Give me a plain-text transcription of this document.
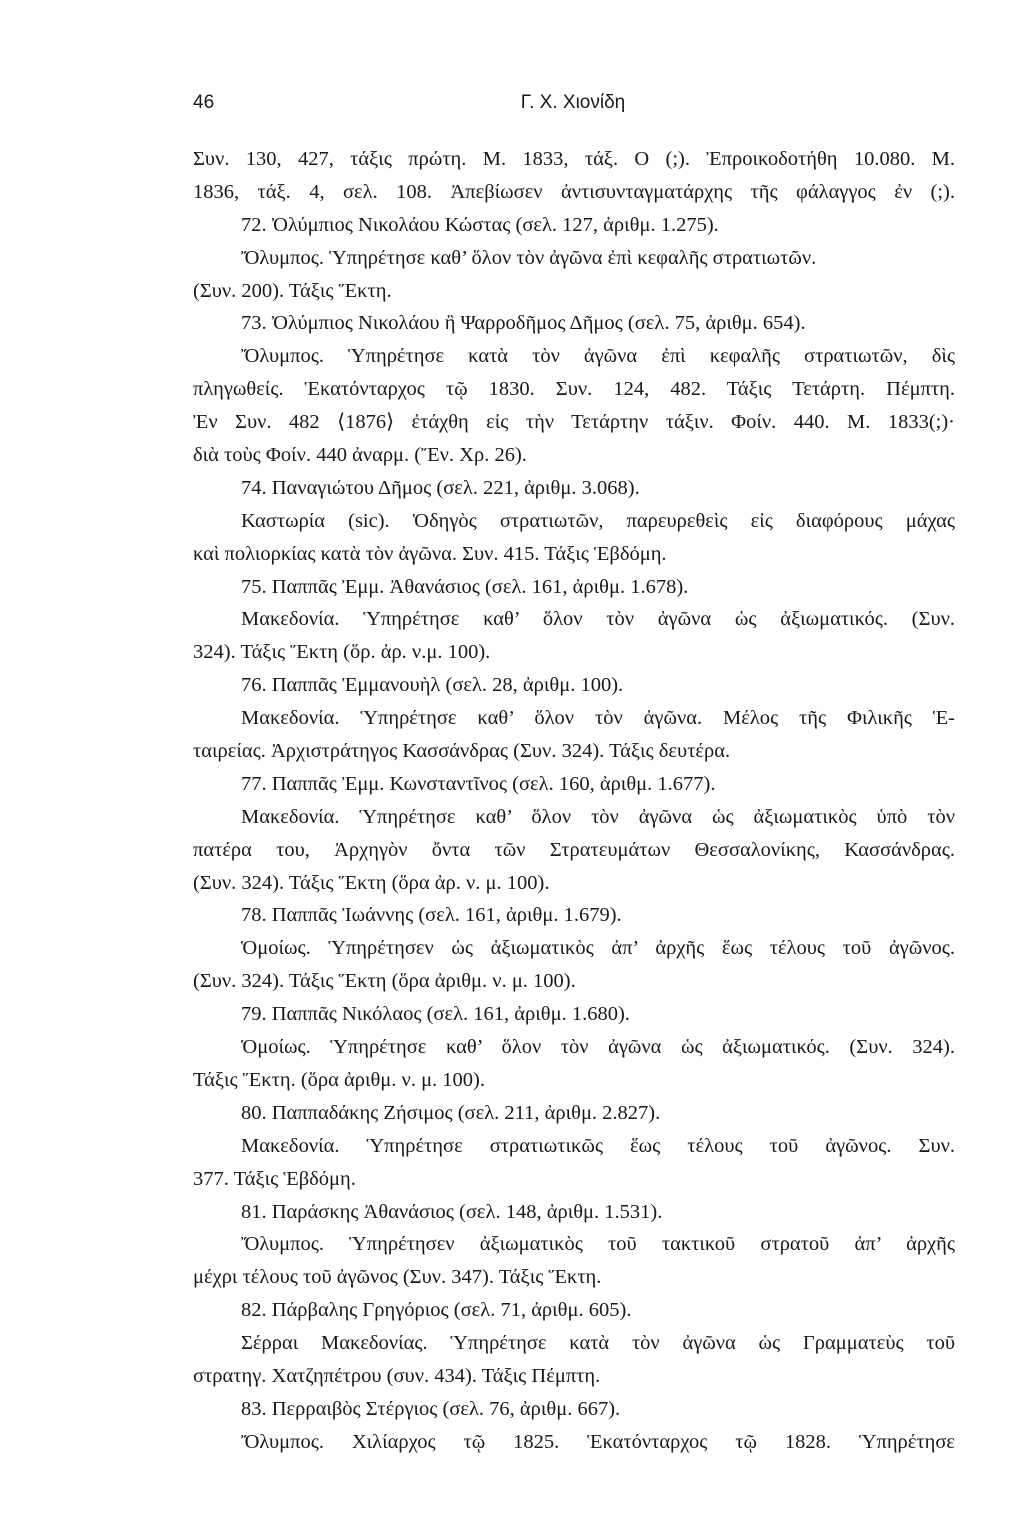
46	Γ. Χ. Χιονίδη
Συν. 130, 427, τάξις πρώτη. Μ. 1833, τάξ. Ο (;). Ἐπροικοδοτήθη 10.080. Μ.
1836, τάξ. 4, σελ. 108. Ἀπεβίωσεν ἀντισυνταγματάρχης τῆς φάλαγγος ἐν (;).
72. Ὀλύμπιος Νικολάου Κώστας (σελ. 127, ἀριθμ. 1.275).
Ὄλυμπος. Ὑπηρέτησε καθ’ ὅλον τὸν ἀγῶνα ἐπὶ κεφαλῆς στρατιωτῶν.
(Συν. 200). Τάξις Ἕκτη.
73. Ὀλύμπιος Νικολάου ἢ Ψαρροδῆμος Δῆμος (σελ. 75, ἀριθμ. 654).
Ὄλυμπος. Ὑπηρέτησε κατὰ τὸν ἀγῶνα ἐπὶ κεφαλῆς στρατιωτῶν, δὶς
πληγωθείς. Ἑκατόνταρχος τῷ 1830. Συν. 124, 482. Τάξις Τετάρτη. Πέμπτη.
Ἐν Συν. 482 ⟨1876⟩ ἐτάχθη εἰς τὴν Τετάρτην τάξιν. Φοίν. 440. Μ. 1833(;)·
διὰ τοὺς Φοίν. 440 ἀναρμ. (Ἔν. Χρ. 26).
74. Παναγιώτου Δῆμος (σελ. 221, ἀριθμ. 3.068).
Καστωρία (sic). Ὁδηγὸς στρατιωτῶν, παρευρεθεὶς εἰς διαφόρους μάχας
καὶ πολιορκίας κατὰ τὸν ἀγῶνα. Συν. 415. Τάξις Ἑβδόμη.
75. Παππᾶς Ἐμμ. Ἀθανάσιος (σελ. 161, ἀριθμ. 1.678).
Μακεδονία. Ὑπηρέτησε καθ’ ὅλον τὸν ἀγῶνα ὡς ἀξιωματικός. (Συν.
324). Τάξις Ἕκτη (ὅρ. ἀρ. ν.μ. 100).
76. Παππᾶς Ἐμμανουὴλ (σελ. 28, ἀριθμ. 100).
Μακεδονία. Ὑπηρέτησε καθ’ ὅλον τὸν ἀγῶνα. Μέλος τῆς Φιλικῆς Ἑ-
ταιρείας. Ἀρχιστράτηγος Κασσάνδρας (Συν. 324). Τάξις δευτέρα.
77. Παππᾶς Ἐμμ. Κωνσταντῖνος (σελ. 160, ἀριθμ. 1.677).
Μακεδονία. Ὑπηρέτησε καθ’ ὅλον τὸν ἀγῶνα ὡς ἀξιωματικὸς ὑπὸ τὸν
πατέρα του, Ἀρχηγὸν ὄντα τῶν Στρατευμάτων Θεσσαλονίκης, Κασσάνδρας.
(Συν. 324). Τάξις Ἕκτη (ὅρα ἀρ. ν. μ. 100).
78. Παππᾶς Ἰωάννης (σελ. 161, ἀριθμ. 1.679).
Ὁμοίως. Ὑπηρέτησεν ὡς ἀξιωματικὸς ἀπ’ ἀρχῆς ἕως τέλους τοῦ ἀγῶνος.
(Συν. 324). Τάξις Ἕκτη (ὅρα ἀριθμ. ν. μ. 100).
79. Παππᾶς Νικόλαος (σελ. 161, ἀριθμ. 1.680).
Ὁμοίως. Ὑπηρέτησε καθ’ ὅλον τὸν ἀγῶνα ὡς ἀξιωματικός. (Συν. 324).
Τάξις Ἕκτη. (ὅρα ἀριθμ. ν. μ. 100).
80. Παππαδάκης Ζήσιμος (σελ. 211, ἀριθμ. 2.827).
Μακεδονία. Ὑπηρέτησε στρατιωτικῶς ἕως τέλους τοῦ ἀγῶνος. Συν.
377. Τάξις Ἑβδόμη.
81. Παράσκης Ἀθανάσιος (σελ. 148, ἀριθμ. 1.531).
Ὄλυμπος. Ὑπηρέτησεν ἀξιωματικὸς τοῦ τακτικοῦ στρατοῦ ἀπ’ ἀρχῆς
μέχρι τέλους τοῦ ἀγῶνος (Συν. 347). Τάξις Ἕκτη.
82. Πάρβαλης Γρηγόριος (σελ. 71, ἀριθμ. 605).
Σέρραι Μακεδονίας. Ὑπηρέτησε κατὰ τὸν ἀγῶνα ὡς Γραμματεὺς τοῦ
στρατηγ. Χατζηπέτρου (συν. 434). Τάξις Πέμπτη.
83. Περραιβὸς Στέργιος (σελ. 76, ἀριθμ. 667).
Ὄλυμπος. Χιλίαρχος τῷ 1825. Ἑκατόνταρχος τῷ 1828. Ὑπηρέτησε
